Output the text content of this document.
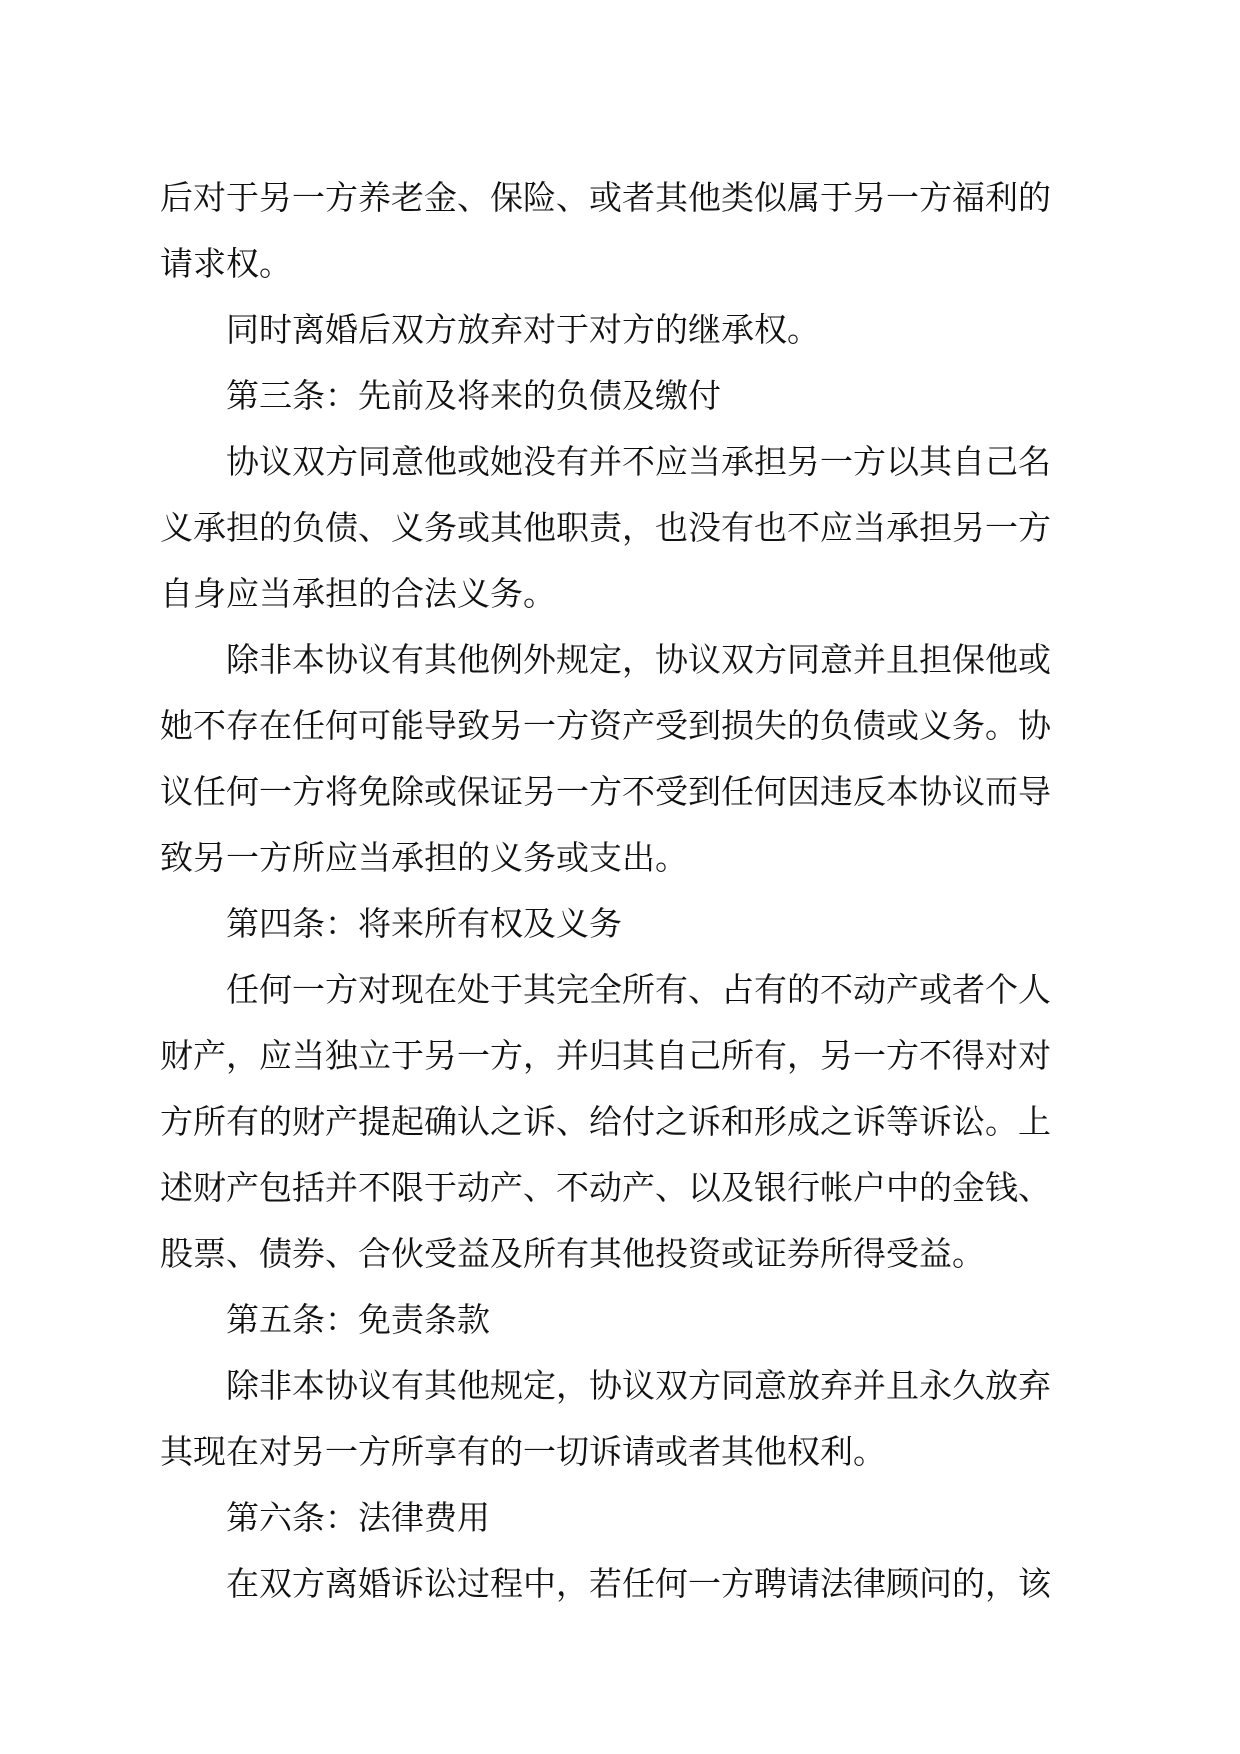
后对于另一方养老金、保险、或者其他类似属于另一方福利的
请求权。
同时离婚后双方放弃对于对方的继承权。
第三条：先前及将来的负债及缴付
协议双方同意他或她没有并不应当承担另一方以其自己名
义承担的负债、义务或其他职责，也没有也不应当承担另一方
自身应当承担的合法义务。
除非本协议有其他例外规定，协议双方同意并且担保他或
她不存在任何可能导致另一方资产受到损失的负债或义务。协
议任何一方将免除或保证另一方不受到任何因违反本协议而导
致另一方所应当承担的义务或支出。
第四条：将来所有权及义务
任何一方对现在处于其完全所有、占有的不动产或者个人
财产，应当独立于另一方，并归其自己所有，另一方不得对对
方所有的财产提起确认之诉、给付之诉和形成之诉等诉讼。上
述财产包括并不限于动产、不动产、以及银行帐户中的金钱、
股票、债券、合伙受益及所有其他投资或证券所得受益。
第五条：免责条款
除非本协议有其他规定，协议双方同意放弃并且永久放弃
其现在对另一方所享有的一切诉请或者其他权利。
第六条：法律费用
在双方离婚诉讼过程中，若任何一方聘请法律顾问的，该
